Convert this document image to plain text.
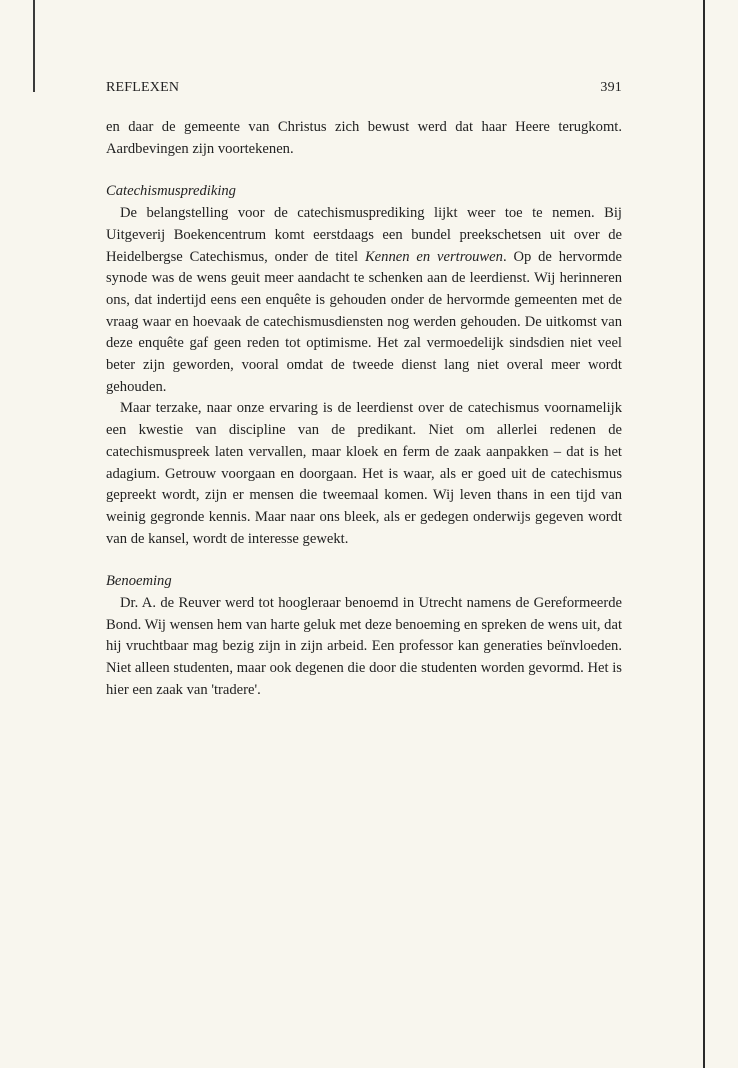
REFLEXEN	391

en daar de gemeente van Christus zich bewust werd dat haar Heere terugkomt. Aardbevingen zijn voortekenen.

Catechismusprediking

De belangstelling voor de catechismusprediking lijkt weer toe te nemen. Bij Uitgeverij Boekencentrum komt eerstdaags een bundel preekschetsen uit over de Heidelbergse Catechismus, onder de titel Kennen en vertrouwen. Op de hervormde synode was de wens geuit meer aandacht te schenken aan de leerdienst. Wij herinneren ons, dat indertijd eens een enquête is gehouden onder de hervormde gemeenten met de vraag waar en hoevaak de catechismusdiensten nog werden gehouden. De uitkomst van deze enquête gaf geen reden tot optimisme. Het zal vermoedelijk sindsdien niet veel beter zijn geworden, vooral omdat de tweede dienst lang niet overal meer wordt gehouden.

Maar terzake, naar onze ervaring is de leerdienst over de catechismus voornamelijk een kwestie van discipline van de predikant. Niet om allerlei redenen de catechismuspreek laten vervallen, maar kloek en ferm de zaak aanpakken – dat is het adagium. Getrouw voorgaan en doorgaan. Het is waar, als er goed uit de catechismus gepreekt wordt, zijn er mensen die tweemaal komen. Wij leven thans in een tijd van weinig gegronde kennis. Maar naar ons bleek, als er gedegen onderwijs gegeven wordt van de kansel, wordt de interesse gewekt.

Benoeming

Dr. A. de Reuver werd tot hoogleraar benoemd in Utrecht namens de Gereformeerde Bond. Wij wensen hem van harte geluk met deze benoeming en spreken de wens uit, dat hij vruchtbaar mag bezig zijn in zijn arbeid. Een professor kan generaties beïnvloeden. Niet alleen studenten, maar ook degenen die door die studenten worden gevormd. Het is hier een zaak van 'tradere'.
